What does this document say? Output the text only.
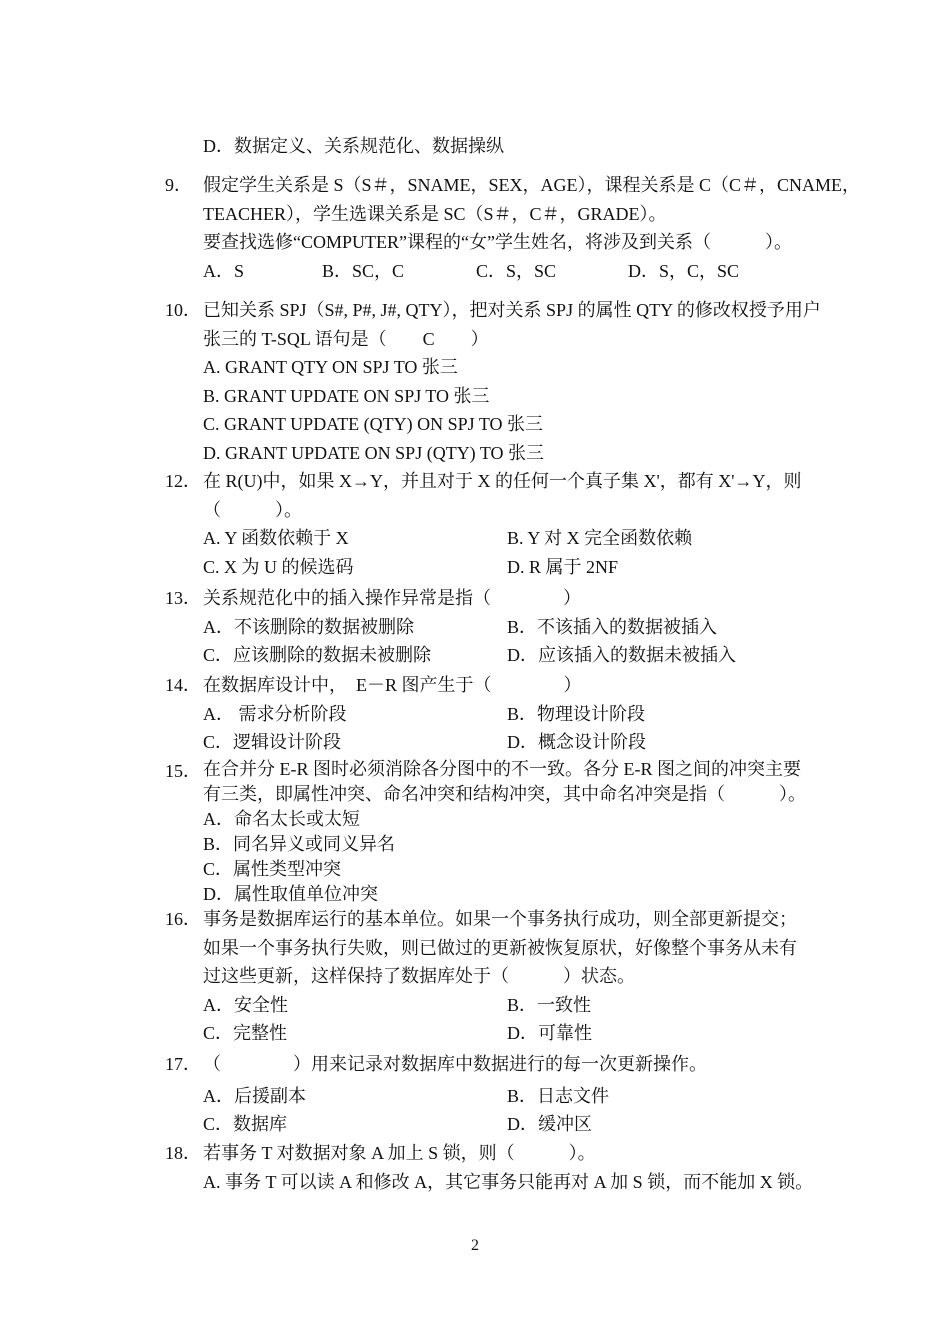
D．数据定义、关系规范化、数据操纵
9． 假定学生关系是 S（S＃，SNAME，SEX，AGE），课程关系是 C（C＃，CNAME，
TEACHER），学生选课关系是 SC（S＃，C＃，GRADE）。
要查找选修“COMPUTER”课程的“女”学生姓名，将涉及到关系（　　　）。
A．S	B．SC，C	C．S，SC	D．S，C，SC
10． 已知关系 SPJ（S#, P#, J#, QTY），把对关系 SPJ 的属性 QTY 的修改权授予用户
张三的 T-SQL 语句是（　　C　　）
A. GRANT QTY ON SPJ TO 张三
B. GRANT UPDATE ON SPJ TO 张三
C. GRANT UPDATE (QTY) ON SPJ TO 张三
D. GRANT UPDATE ON SPJ (QTY) TO 张三
12． 在 R(U)中，如果 X→Y，并且对于 X 的任何一个真子集 X'，都有 X'→Y，则
（　　　）。
A. Y 函数依赖于 X	B. Y 对 X 完全函数依赖
C. X 为 U 的候选码	D. R 属于 2NF
13． 关系规范化中的插入操作异常是指（　　　　）
A．不该删除的数据被删除	B．不该插入的数据被插入
C．应该删除的数据未被删除	D．应该插入的数据未被插入
14． 在数据库设计中，　E－R 图产生于（　　　　）
A． 需求分析阶段	B．物理设计阶段
C．逻辑设计阶段	D．概念设计阶段
15． 在合并分 E-R 图时必须消除各分图中的不一致。各分 E-R 图之间的冲突主要
有三类，即属性冲突、命名冲突和结构冲突，其中命名冲突是指（　　　）。
A．命名太长或太短
B．同名异义或同义异名
C．属性类型冲突
D．属性取值单位冲突
16． 事务是数据库运行的基本单位。如果一个事务执行成功，则全部更新提交；
如果一个事务执行失败，则已做过的更新被恢复原状，好像整个事务从未有
过这些更新，这样保持了数据库处于（　　　）状态。
A．安全性	B．一致性
C．完整性	D．可靠性
17． （　　　　）用来记录对数据库中数据进行的每一次更新操作。
A．后援副本	B．日志文件
C．数据库	D．缓冲区
18． 若事务 T 对数据对象 A 加上 S 锁，则（　　　）。
A. 事务 T 可以读 A 和修改 A，其它事务只能再对 A 加 S 锁，而不能加 X 锁。
2
